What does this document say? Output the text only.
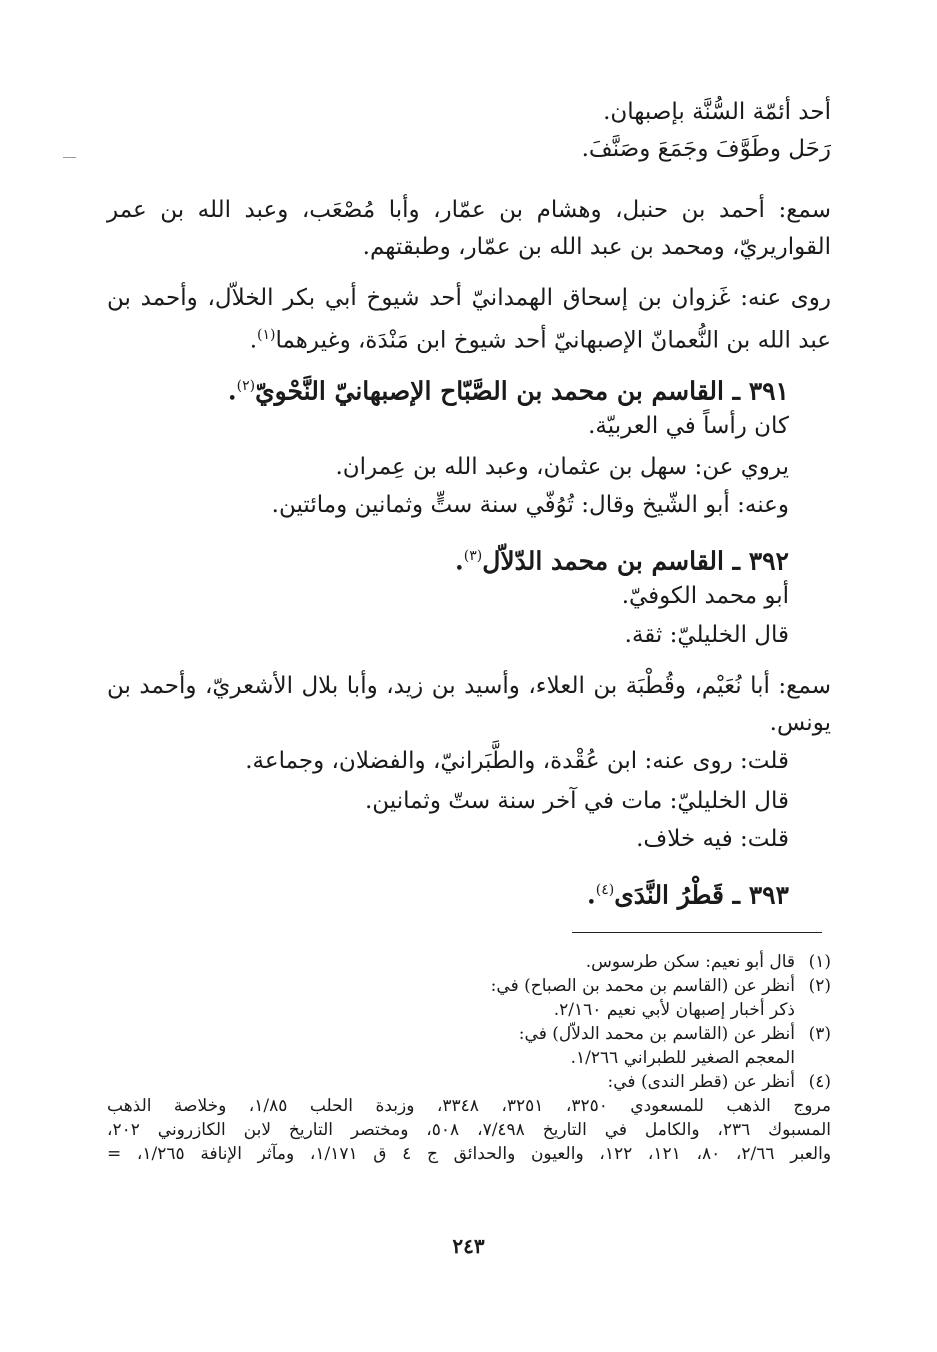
أحد أئمّة السُّنَّة بإصبهان.

رَحَل وطَوَّفَ وجَمَعَ وصَنَّفَ.

سمع: أحمد بن حنبل، وهشام بن عمّار، وأبا مُصْعَب، وعبد الله بن عمر القواريريّ، ومحمد بن عبد الله بن عمّار، وطبقتهم.

روى عنه: غَزوان بن إسحاق الهمدانيّ أحد شيوخ أبي بكر الخلاّل، وأحمد بن عبد الله بن النُّعمانّ الإصبهانيّ أحد شيوخ ابن مَنْدَة، وغيرهما$^{(١)}$.

٣٩١ ـ القاسم بن محمد بن الصَّبّاح الإصبهانيّ النَّحْويّ$^{(٢)}$.

كان رأساً في العربيّة.

يروي عن: سهل بن عثمان، وعبد الله بن عِمران.

وعنه: أبو الشّيخ وقال: تُوُفّي سنة ستٍّ وثمانين ومائتين.

٣٩٢ ـ القاسم بن محمد الدّلاّل$^{(٣)}$.

أبو محمد الكوفيّ.

قال الخليليّ: ثقة.

سمع: أبا نُعَيْم، وقُطْبَة بن العلاء، وأسيد بن زيد، وأبا بلال الأشعريّ، وأحمد بن يونس.

قلت: روى عنه: ابن عُقْدة، والطَّبَرانيّ، والفضلان، وجماعة.

قال الخليليّ: مات في آخر سنة ستّ وثمانين.

قلت: فيه خلاف.

٣٩٣ ـ قَطْرُ النَّدَى$^{(٤)}$.

(١)
قال أبو نعيم: سكن طرسوس.
(٢)
أنظر عن (القاسم بن محمد بن الصباح) في:
ذكر أخبار إصبهان لأبي نعيم ٢/١٦٠.
(٣)
أنظر عن (القاسم بن محمد الدلاّل) في:
المعجم الصغير للطبراني ١/٢٦٦.
(٤)
أنظر عن (قطر الندى) في:
مروج الذهب للمسعودي ٣٢٥٠، ٣٢٥١، ٣٣٤٨، وزبدة الحلب ١/٨٥، وخلاصة الذهب
المسبوك ٢٣٦، والكامل في التاريخ ٧/٤٩٨، ٥٠٨، ومختصر التاريخ لابن الكازروني ٢٠٢،
والعبر ٢/٦٦، ٨٠، ١٢١، ١٢٢، والعيون والحدائق ج ٤ ق ١/١٧١، ومآثر الإنافة ١/٢٦٥، =
٢٤٣
